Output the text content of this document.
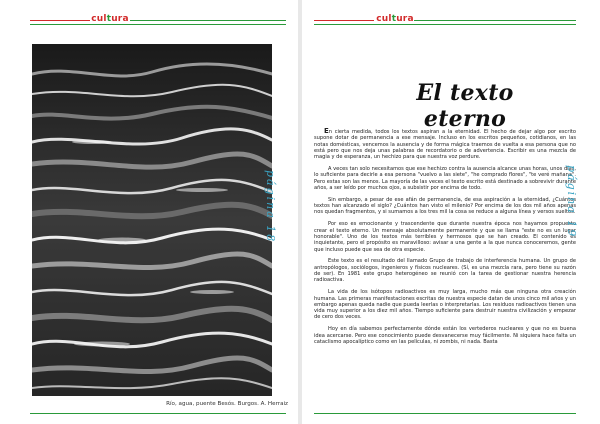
cultura
Río, agua, puente Besós. Burgos. A. Herraiz
página 18
cultura
El texto eterno

En cierta medida, todos los textos aspiran a la eternidad. El hecho de dejar algo por escrito supone dotar de permanencia a ese mensaje. Incluso en los escritos pequeños, cotidianos, en las notas domésticas, vencemos la ausencia y de forma mágica traemos de vuelta a esa persona que no está pero que nos deja unas palabras de recordatorio o de advertencia. Escribir es una mezcla de magia y de esperanza, un hechizo para que nuestra voz perdure.

A veces tan solo necesitamos que ese hechizo contra la ausencia alcance unas horas, unos días, lo suficiente para decirle a esa persona "vuelvo a las siete", "he comprado flores", "te veré mañana". Pero estas son las menos. La mayoría de las veces el texto escrito está destinado a sobrevivir durante años, a ser leído por muchos ojos, a subsistir por encima de todo.

Sin embargo, a pesar de ese afán de permanencia, de esa aspiración a la eternidad, ¿Cuántos textos han alcanzado el siglo? ¿Cuántos han visto el milenio? Por encima de los dos mil años apenas nos quedan fragmentos, y si sumamos a los tres mil la cosa se reduce a alguna línea y versos sueltos.

Por eso es emocionante y trascendente que durante nuestra época nos hayamos propuesto crear el texto eterno. Un mensaje absolutamente permanente y que se llama "este no es un lugar honorable". Uno de los textos más terribles y hermosos que se han creado. El contenido es inquietante, pero el propósito es maravilloso: avisar a una gente a la que nunca conoceremos, gente que incluso puede que sea de otra especie.

Este texto es el resultado del llamado Grupo de trabajo de interferencia humana. Un grupo de antropólogos, sociólogos, ingenieros y físicos nucleares. (Sí, es una mezcla rara, pero tiene su razón de ser). En 1981 este grupo heterogéneo se reunió con la tarea de gestionar nuestra herencia radioactiva.

La vida de los isótopos radioactivos es muy larga, mucho más que ninguna otra creación humana. Las primeras manifestaciones escritas de nuestra especie datan de unos cinco mil años y un embargo apenas queda nadie que pueda leerlas o interpretarlas. Los residuos radioactivos tienen una vida muy superior a los diez mil años. Tiempo suficiente para destruir nuestra civilización y empezar de cero dos veces.

Hoy en día sabemos perfectamente dónde están los vertederos nucleares y que no es buena idea acercarse. Pero ese conocimiento puede desvanecerse muy fácilmente. Ni siquiera hace falta un cataclismo apocalíptico como en las películas, ni zombis, ni nada. Basta

página 19
